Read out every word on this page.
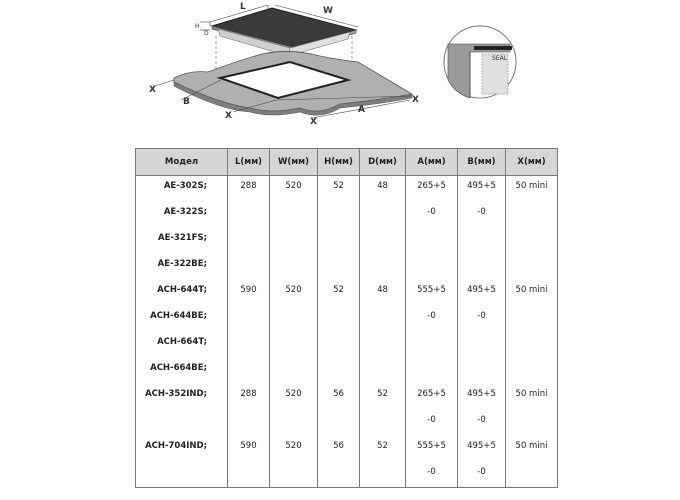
L	W
H
D
X
B
X
A
X
X
SEAL
Модел	L(мм)	W(мм)	H(мм)	D(мм)	A(мм)	B(мм)	X(мм)
AE-302S;	288	520	52	48	265+5	495+5	50 mini
AE-322S;					-0	-0	
AE-321FS;							
AE-322BE;							
ACH-644T;	590	520	52	48	555+5	495+5	50 mini
ACH-644BE;					-0	-0	
ACH-664T;							
ACH-664BE;							
ACH-352IND;	288	520	56	52	265+5	495+5	50 mini
					-0	-0	
ACH-704IND;	590	520	56	52	555+5	495+5	50 mini
					-0	-0	
